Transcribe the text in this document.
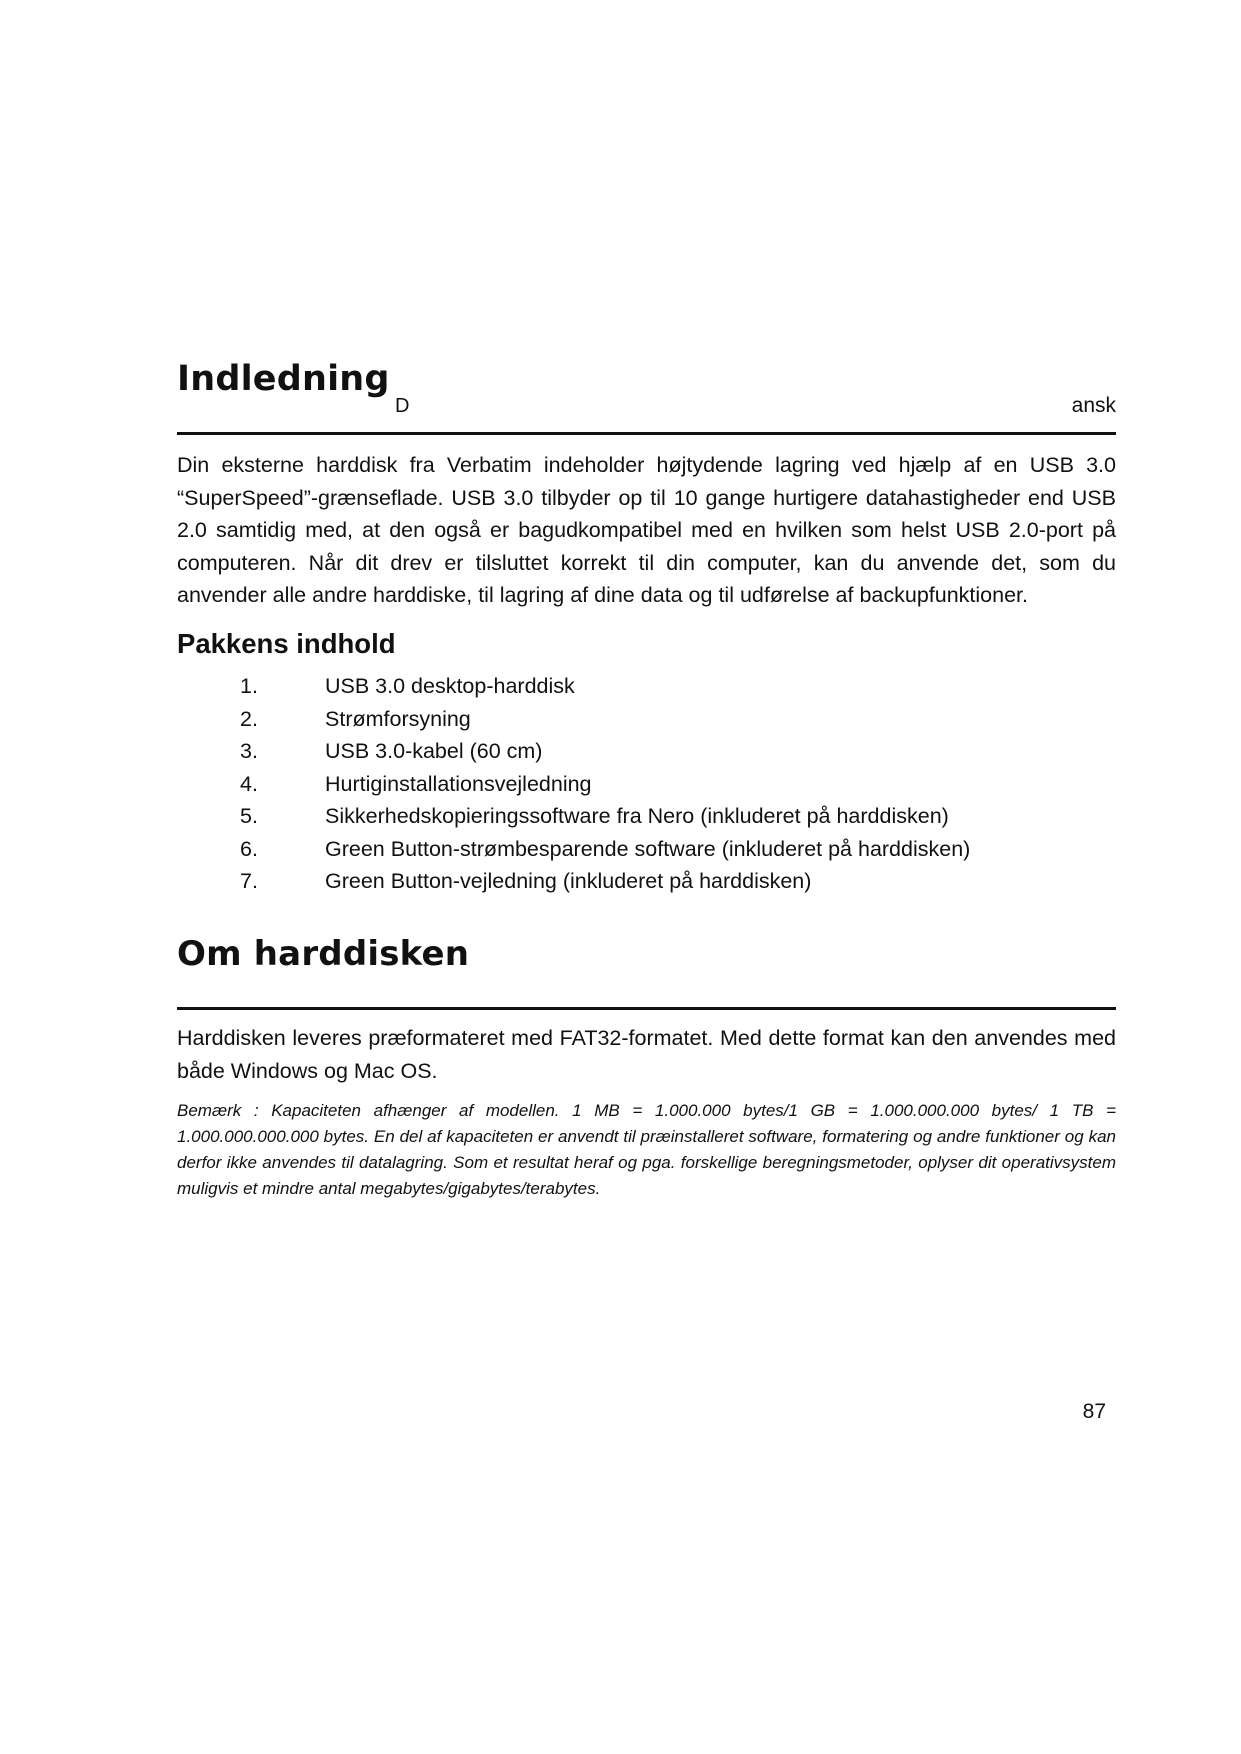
Indledning
D	ansk

Din eksterne harddisk fra Verbatim indeholder højtydende lagring ved hjælp af en USB 3.0 “SuperSpeed”-grænseflade. USB 3.0 tilbyder op til 10 gange hurtigere datahastigheder end USB 2.0 samtidig med, at den også er bagudkompatibel med en hvilken som helst USB 2.0-port på computeren. Når dit drev er tilsluttet korrekt til din computer, kan du anvende det, som du anvender alle andre harddiske, til lagring af dine data og til udførelse af backupfunktioner.

Pakkens indhold
1.	USB 3.0 desktop-harddisk
2.	Strømforsyning
3.	USB 3.0-kabel (60 cm)
4.	Hurtiginstallationsvejledning
5.	Sikkerhedskopieringssoftware fra Nero (inkluderet på harddisken)
6.	Green Button-strømbesparende software (inkluderet på harddisken)
7.	Green Button-vejledning (inkluderet på harddisken)
Om harddisken

Harddisken leveres præformateret med FAT32-formatet. Med dette format kan den anvendes med både Windows og Mac OS.

Bemærk : Kapaciteten afhænger af modellen. 1 MB = 1.000.000 bytes/1 GB = 1.000.000.000 bytes/ 1 TB = 1.000.000.000.000 bytes. En del af kapaciteten er anvendt til præinstalleret software, formatering og andre funktioner og kan derfor ikke anvendes til datalagring. Som et resultat heraf og pga. forskellige beregningsmetoder, oplyser dit operativsystem muligvis et mindre antal megabytes/gigabytes/terabytes.

87
